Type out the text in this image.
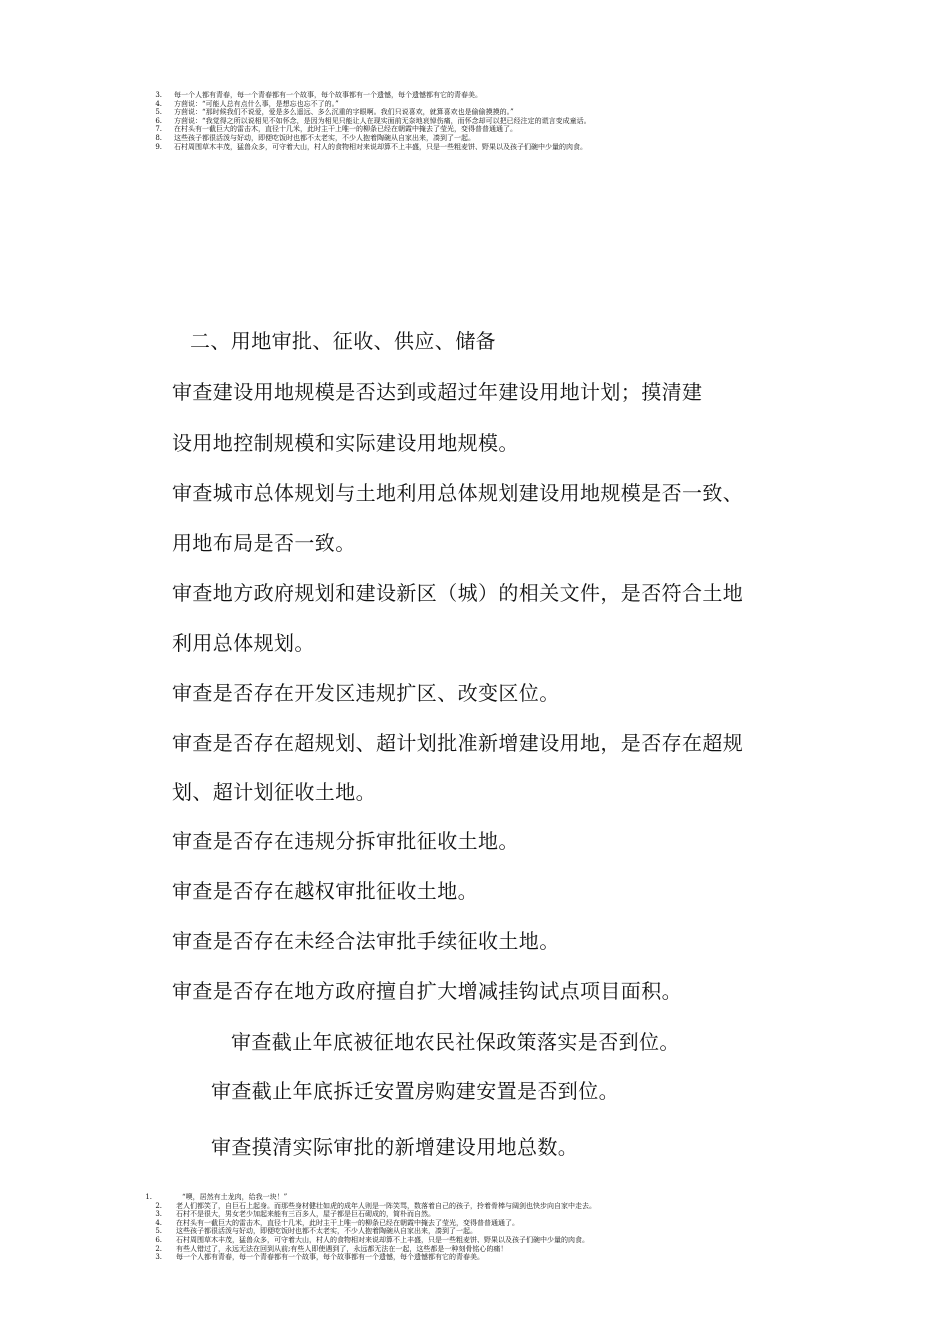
3. 每一个人都有青春，每一个青春都有一个故事，每个故事都有一个遗憾，每个遗憾都有它的青春美。
4. 方茴说：“可能人总有点什么事，是想忘也忘不了的。”
5. 方茴说：“那时候我们不说爱，爱是多么遥远、多么沉重的字眼啊。我们只说喜欢，就算喜欢也是偷偷摸摸的。”
6. 方茴说：“我觉得之所以说相见不如怀念，是因为相见只能让人在现实面前无奈地哀悼伤痛，而怀念却可以把已经注定的谎言变成童话。
7. 在村头有一截巨大的雷击木，直径十几米，此时主干上唯一的柳条已经在朝霞中掩去了莹光，变得普普通通了。
8. 这些孩子都很活泼与好动，即便吃饭时也都不太老实，不少人抱着陶碗从自家出来，凑到了一起。
9. 石村周围草木丰茂，猛兽众多，可守着大山，村人的食物相对来说却算不上丰盛，只是一些粗麦饼、野果以及孩子们碗中少量的肉食。

二、用地审批、征收、供应、储备

审查建设用地规模是否达到或超过年建设用地计划；摸清建

设用地控制规模和实际建设用地规模。

审查城市总体规划与土地利用总体规划建设用地规模是否一致、

用地布局是否一致。

审查地方政府规划和建设新区（城）的相关文件，是否符合土地

利用总体规划。

审查是否存在开发区违规扩区、改变区位。

审查是否存在超规划、超计划批准新增建设用地，是否存在超规

划、超计划征收土地。

审查是否存在违规分拆审批征收土地。

审查是否存在越权审批征收土地。

审查是否存在未经合法审批手续征收土地。

审查是否存在地方政府擅自扩大增减挂钩试点项目面积。

审查截止年底被征地农民社保政策落实是否到位。

审查截止年底拆迁安置房购建安置是否到位。

审查摸清实际审批的新增建设用地总数。

1.	“噢，居然有土龙肉，给我一块！”
2. 老人们都笑了，自巨石上起身。而那些身材健壮如虎的成年人则是一阵笑骂，数落着自己的孩子，拎着骨棒与阔剑也快步向自家中走去。
3. 石村不是很大，男女老少加起来能有三百多人，屋子都是巨石砌成的，简朴而自然。
4. 在村头有一截巨大的雷击木，直径十几米，此时主干上唯一的柳条已经在朝霞中掩去了莹光，变得普普通通了。
5. 这些孩子都很活泼与好动，即便吃饭时也都不太老实，不少人抱着陶碗从自家出来，凑到了一起。
6. 石村周围草木丰茂，猛兽众多，可守着大山，村人的食物相对来说却算不上丰盛，只是一些粗麦饼、野果以及孩子们碗中少量的肉食。
2. 有些人错过了，永远无法在回到从前;有些人即使遇到了，永远都无法在一起，这些都是一种刻骨铭心的痛！
3. 每一个人都有青春，每一个青春都有一个故事，每个故事都有一个遗憾，每个遗憾都有它的青春美。
